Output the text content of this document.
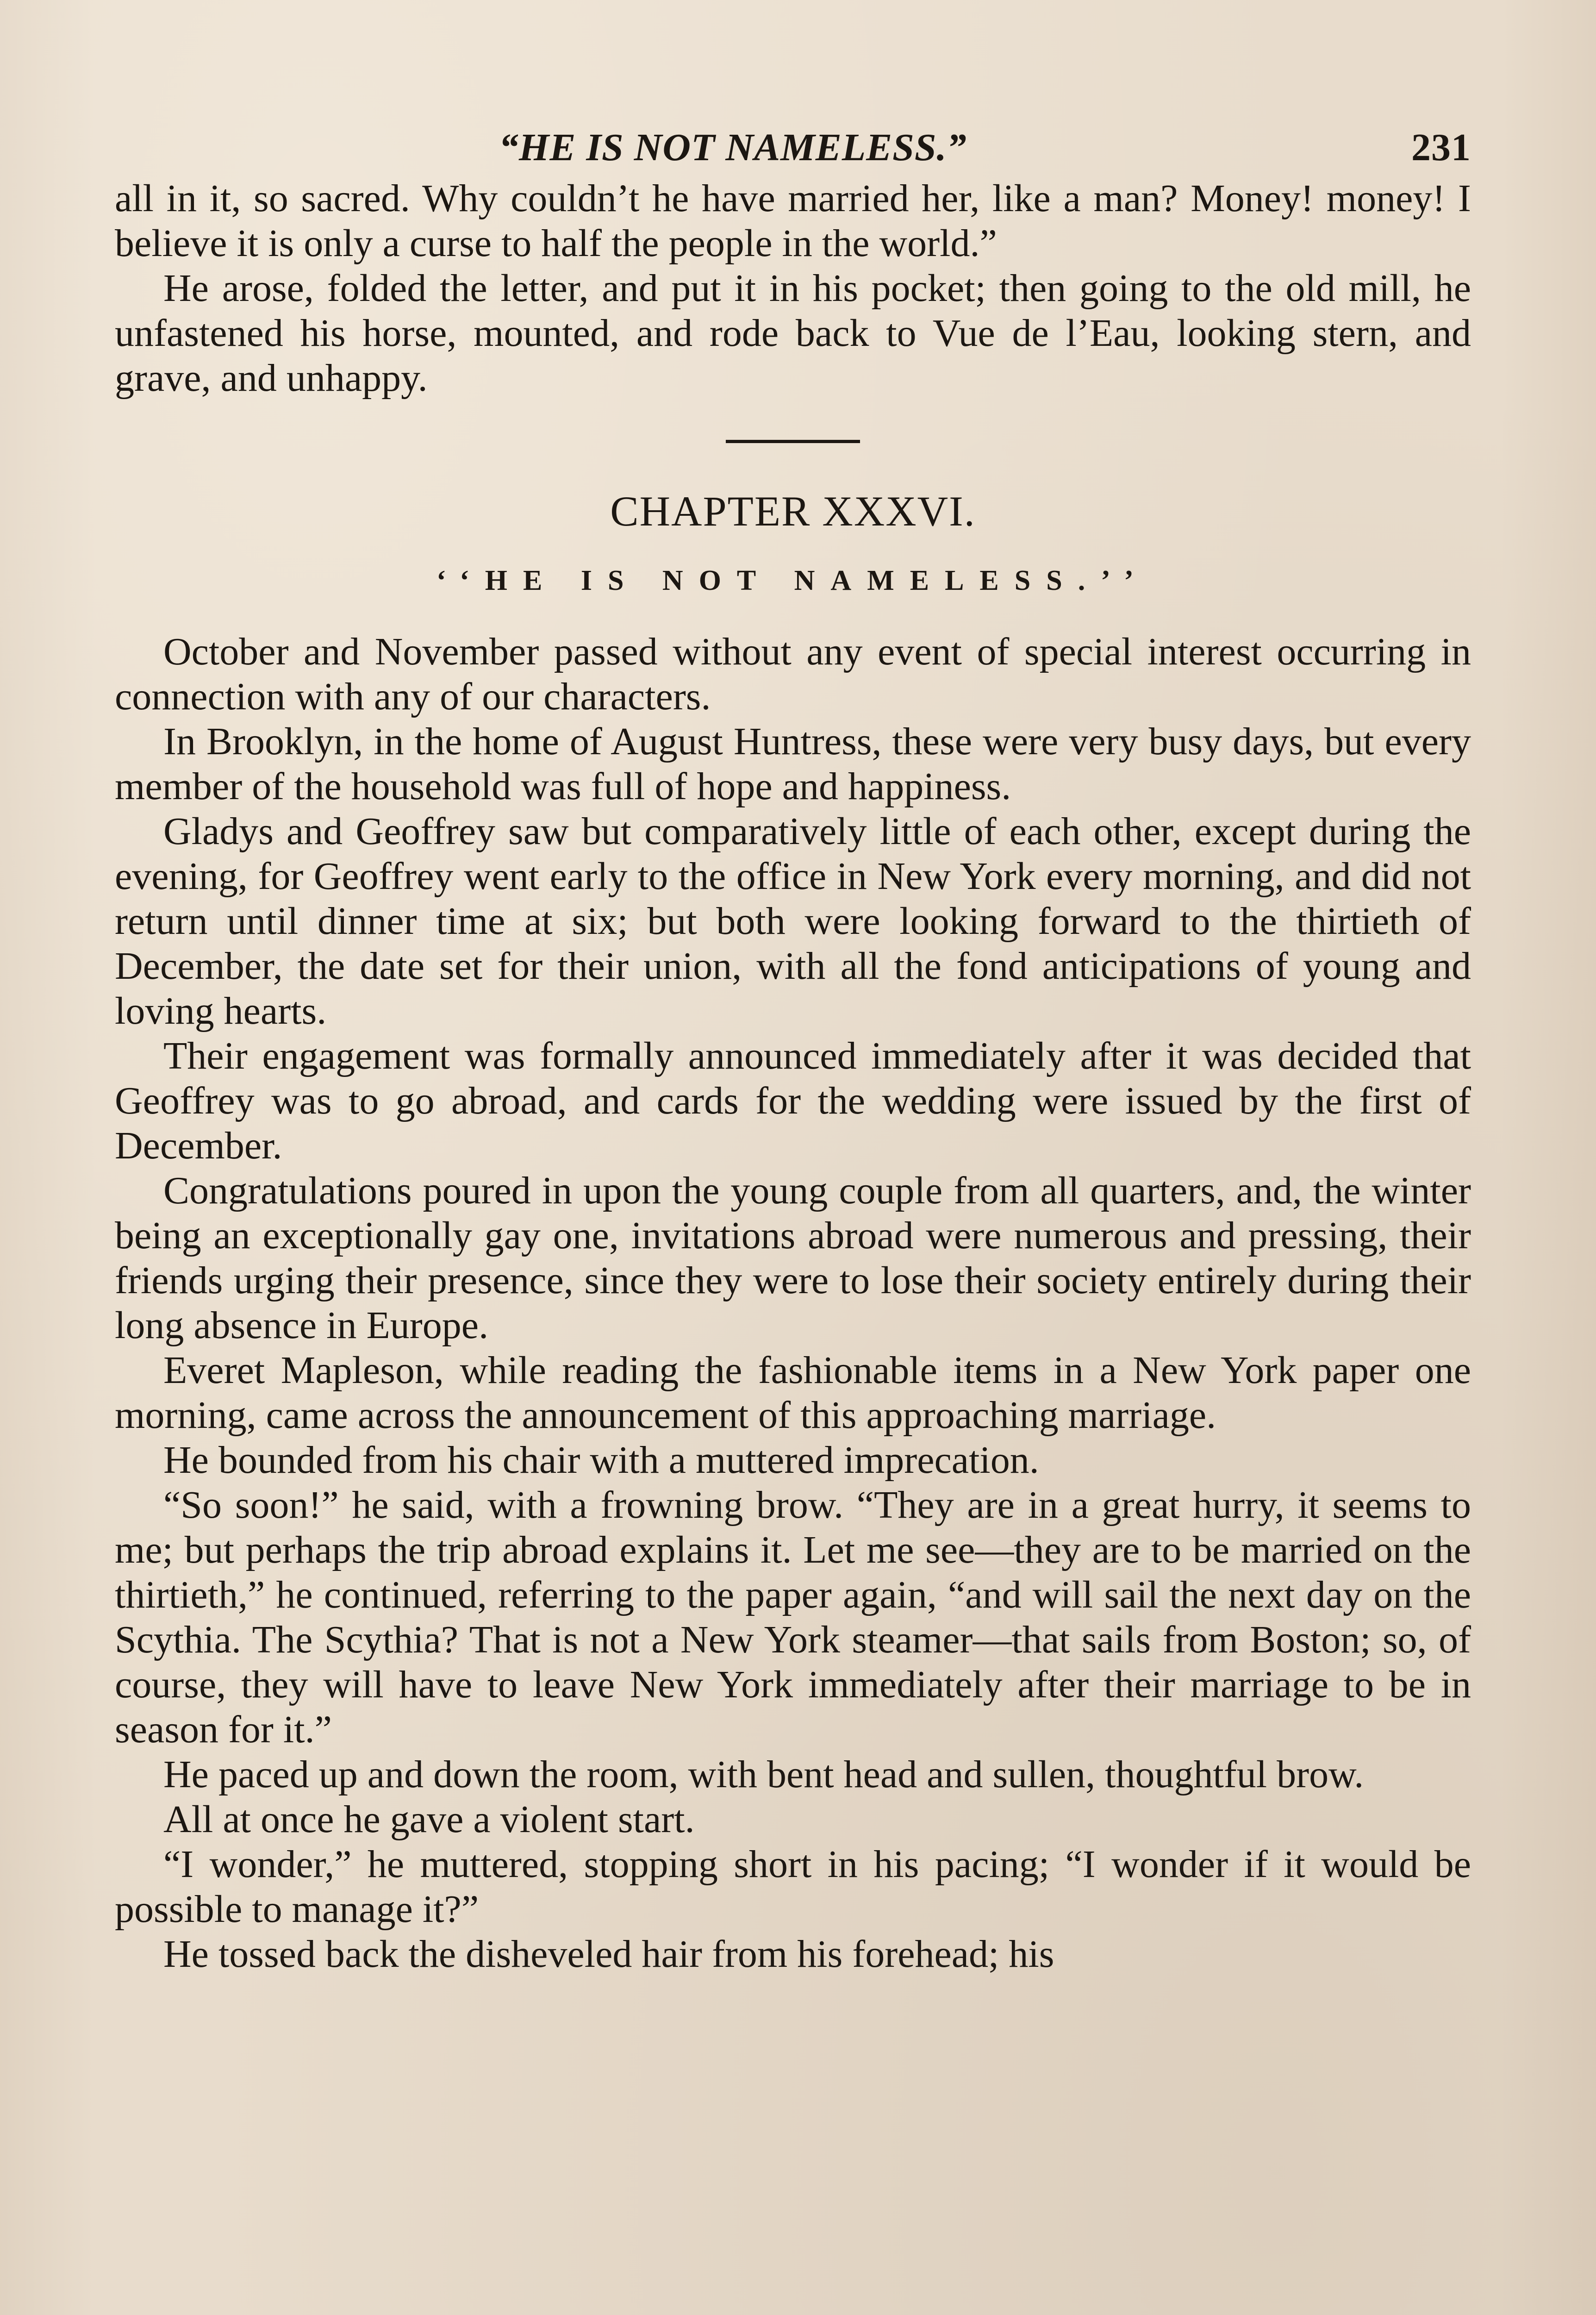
“HE IS NOT NAMELESS.”	231

all in it, so sacred. Why couldn’t he have married her, like a man? Money! money! I believe it is only a curse to half the people in the world.”

He arose, folded the letter, and put it in his pocket; then going to the old mill, he unfastened his horse, mounted, and rode back to Vue de l’Eau, looking stern, and grave, and unhappy.

CHAPTER XXXVI.
‘‘HE IS NOT NAMELESS.’’

October and November passed without any event of special interest occurring in connection with any of our characters.

In Brooklyn, in the home of August Huntress, these were very busy days, but every member of the household was full of hope and happiness.

Gladys and Geoffrey saw but comparatively little of each other, except during the evening, for Geoffrey went early to the office in New York every morning, and did not return until dinner time at six; but both were looking forward to the thirtieth of December, the date set for their union, with all the fond anticipations of young and loving hearts.

Their engagement was formally announced immediately after it was decided that Geoffrey was to go abroad, and cards for the wedding were issued by the first of December.

Congratulations poured in upon the young couple from all quarters, and, the winter being an exceptionally gay one, invitations abroad were numerous and pressing, their friends urging their presence, since they were to lose their society entirely during their long absence in Europe.

Everet Mapleson, while reading the fashionable items in a New York paper one morning, came across the announcement of this approaching marriage.

He bounded from his chair with a muttered imprecation.

“So soon!” he said, with a frowning brow. “They are in a great hurry, it seems to me; but perhaps the trip abroad explains it. Let me see—they are to be married on the thirtieth,” he continued, referring to the paper again, “and will sail the next day on the Scythia. The Scythia? That is not a New York steamer—that sails from Boston; so, of course, they will have to leave New York immediately after their marriage to be in season for it.”

He paced up and down the room, with bent head and sullen, thoughtful brow.

All at once he gave a violent start.

“I wonder,” he muttered, stopping short in his pacing; “I wonder if it would be possible to manage it?”

He tossed back the disheveled hair from his forehead; his
